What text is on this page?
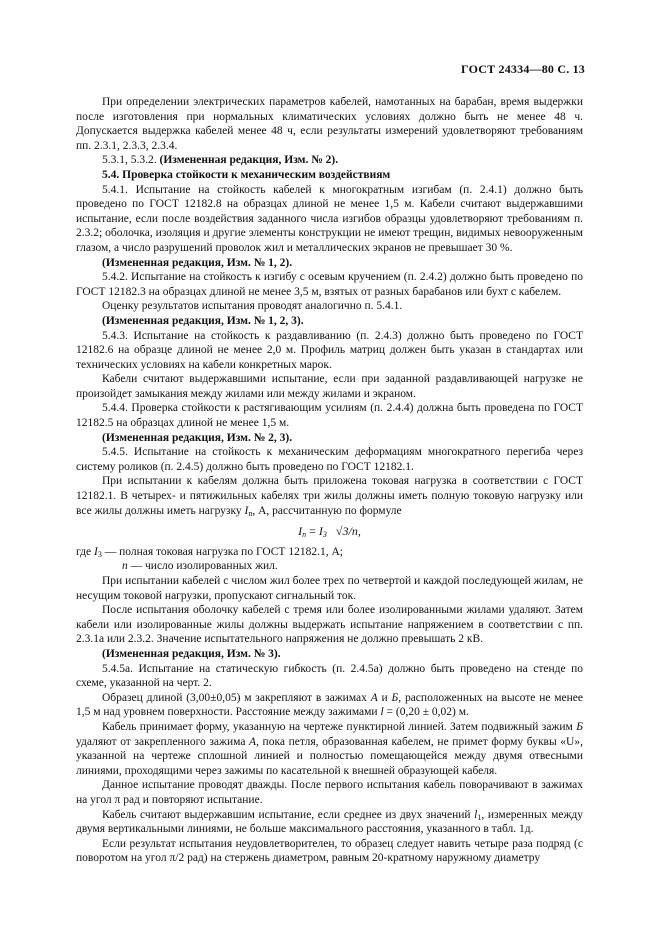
ГОСТ 24334—80 С. 13

При определении электрических параметров кабелей, намотанных на барабан, время выдержки после изготовления при нормальных климатических условиях должно быть не менее 48 ч. Допускается выдержка кабелей менее 48 ч, если результаты измерений удовлетворяют требованиям пп. 2.3.1, 2.3.3, 2.3.4.

5.3.1, 5.3.2. (Измененная редакция, Изм. № 2).

5.4. Проверка стойкости к механическим воздействиям

5.4.1. Испытание на стойкость кабелей к многократным изгибам (п. 2.4.1) должно быть проведено по ГОСТ 12182.8 на образцах длиной не менее 1,5 м. Кабели считают выдержавшими испытание, если после воздействия заданного числа изгибов образцы удовлетворяют требованиям п. 2.3.2; оболочка, изоляция и другие элементы конструкции не имеют трещин, видимых невооруженным глазом, а число разрушений проволок жил и металлических экранов не превышает 30 %.

(Измененная редакция, Изм. № 1, 2).

5.4.2. Испытание на стойкость к изгибу с осевым кручением (п. 2.4.2) должно быть проведено по ГОСТ 12182.3 на образцах длиной не менее 3,5 м, взятых от разных барабанов или бухт с кабелем.

Оценку результатов испытания проводят аналогично п. 5.4.1.

(Измененная редакция, Изм. № 1, 2, 3).

5.4.3. Испытание на стойкость к раздавливанию (п. 2.4.3) должно быть проведено по ГОСТ 12182.6 на образце длиной не менее 2,0 м. Профиль матриц должен быть указан в стандартах или технических условиях на кабели конкретных марок.

Кабели считают выдержавшими испытание, если при заданной раздавливающей нагрузке не произойдет замыкания между жилами или между жилами и экраном.

5.4.4. Проверка стойкости к растягивающим усилиям (п. 2.4.4) должна быть проведена по ГОСТ 12182.5 на образцах длиной не менее 1,5 м.

(Измененная редакция, Изм. № 2, 3).

5.4.5. Испытание на стойкость к механическим деформациям многократного перегиба через систему роликов (п. 2.4.5) должно быть проведено по ГОСТ 12182.1.

При испытании к кабелям должна быть приложена токовая нагрузка в соответствии с ГОСТ 12182.1. В четырех- и пятижильных кабелях три жилы должны иметь полную токовую нагрузку или все жилы должны иметь нагрузку $I_n$, А, рассчитанную по формуле

$I_n = I_3$ √3/n,

где $I_3$ — полная токовая нагрузка по ГОСТ 12182.1, А;

n — число изолированных жил.

При испытании кабелей с числом жил более трех по четвертой и каждой последующей жилам, не несущим токовой нагрузки, пропускают сигнальный ток.

После испытания оболочку кабелей с тремя или более изолированными жилами удаляют. Затем кабели или изолированные жилы должны выдержать испытание напряжением в соответствии с пп. 2.3.1а или 2.3.2. Значение испытательного напряжения не должно превышать 2 кВ.

(Измененная редакция, Изм. № 3).

5.4.5а. Испытание на статическую гибкость (п. 2.4.5а) должно быть проведено на стенде по схеме, указанной на черт. 2.

Образец длиной (3,00±0,05) м закрепляют в зажимах А и Б, расположенных на высоте не менее 1,5 м над уровнем поверхности. Расстояние между зажимами l = (0,20 ± 0,02) м.

Кабель принимает форму, указанную на чертеже пунктирной линией. Затем подвижный зажим Б удаляют от закрепленного зажима А, пока петля, образованная кабелем, не примет форму буквы «U», указанной на чертеже сплошной линией и полностью помещающейся между двумя отвесными линиями, проходящими через зажимы по касательной к внешней образующей кабеля.

Данное испытание проводят дважды. После первого испытания кабель поворачивают в зажимах на угол π рад и повторяют испытание.

Кабель считают выдержавшим испытание, если среднее из двух значений $l_1$, измеренных между двумя вертикальными линиями, не больше максимального расстояния, указанного в табл. 1д.

Если результат испытания неудовлетворителен, то образец следует навить четыре раза подряд (с поворотом на угол π/2 рад) на стержень диаметром, равным 20-кратному наружному диаметру
